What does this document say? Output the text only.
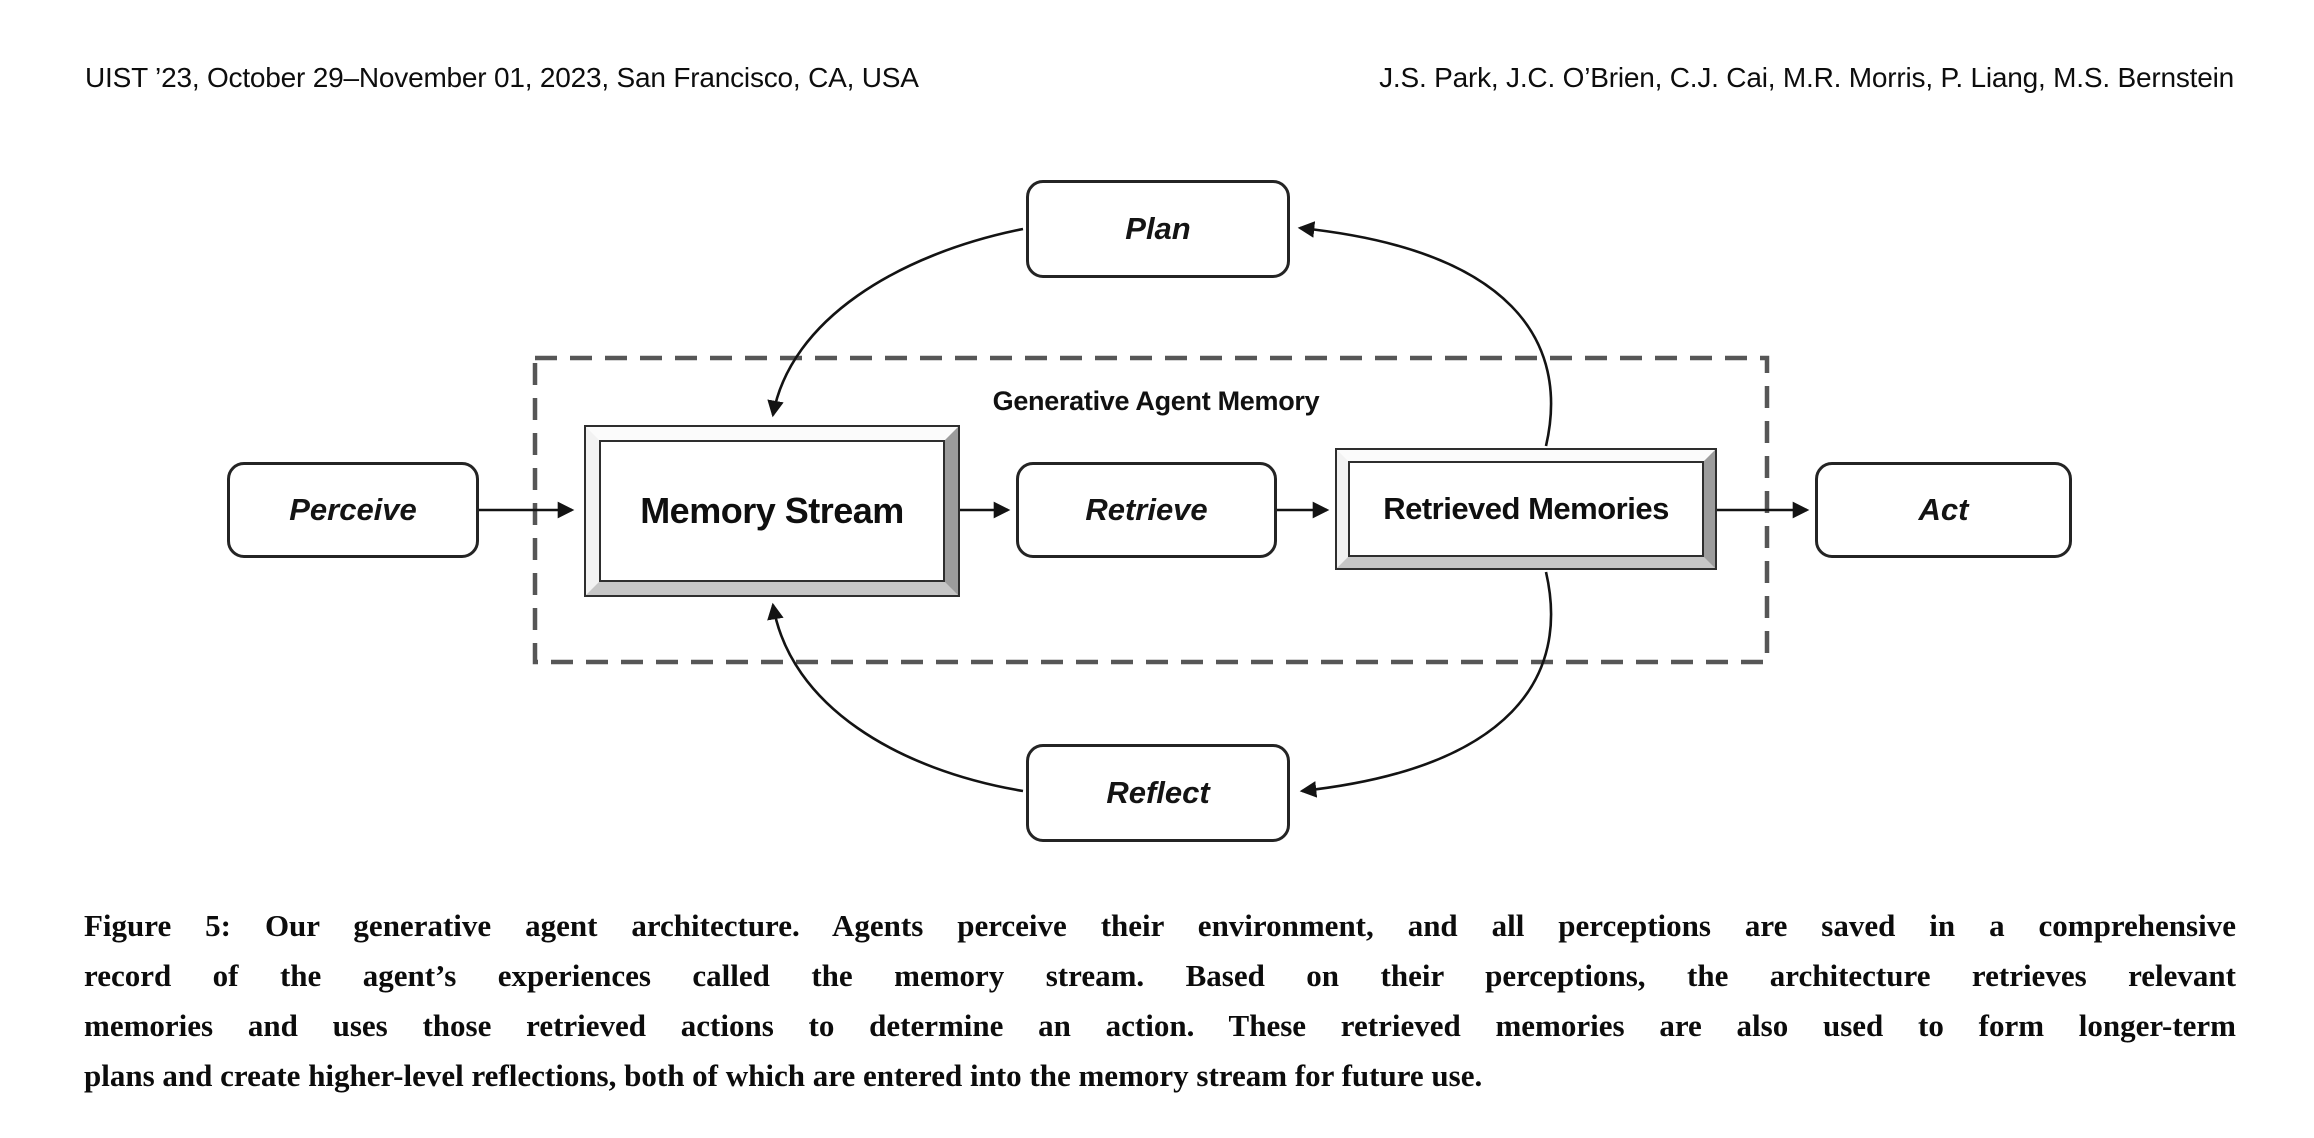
UIST ’23, October 29–November 01, 2023, San Francisco, CA, USA	J.S. Park, J.C. O’Brien, C.J. Cai, M.R. Morris, P. Liang, M.S. Bernstein
Generative Agent Memory
Perceive
Plan
Retrieve
Reflect
Act
Memory Stream	Retrieved Memories
Figure 5: Our generative agent architecture. Agents perceive their environment, and all perceptions are saved in a comprehensive
record of the agent’s experiences called the memory stream. Based on their perceptions, the architecture retrieves relevant
memories and uses those retrieved actions to determine an action. These retrieved memories are also used to form longer-term
plans and create higher-level reflections, both of which are entered into the memory stream for future use.
